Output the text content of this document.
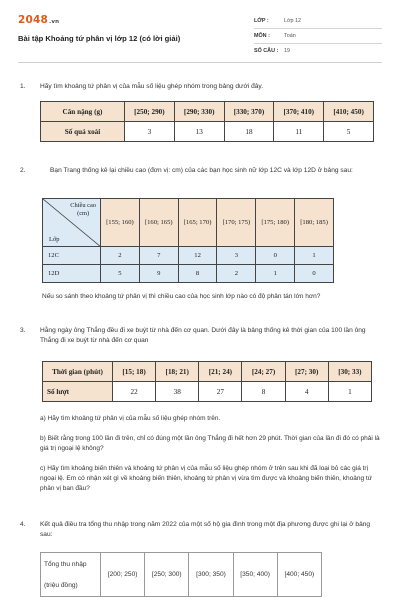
2048.vn
Bài tập Khoảng tứ phân vị lớp 12 (có lời giải)
LỚP :	Lớp 12
MÔN :	Toán
SỐ CÂU : 19
1. Hãy tìm khoảng tứ phân vị của mẫu số liệu ghép nhóm trong bảng dưới đây.
Cân nặng (g)	[250; 290)	[290; 330)	[330; 370)	[370; 410)	[410; 450)
Số quả xoài	3	13	18	11	5
2.	Bạn Trang thống kê lại chiều cao (đơn vị: cm) của các bạn học sinh nữ lớp 12C và lớp 12D ở bảng sau:
Chiều cao
(cm)
Lớp	[155; 160)	[160; 165)	[165; 170)	[170; 175)	[175; 180)	[180; 185)
12C	2	7	12	3	0	1
12D	5	9	8	2	1	0
Nếu so sánh theo khoảng tứ phân vị thì chiều cao của học sinh lớp nào có độ phân tán lớn hơn?
3. Hằng ngày ông Thắng đều đi xe buýt từ nhà đến cơ quan. Dưới đây là bảng thống kê thời gian của 100 lần ông Thắng đi xe buýt từ nhà đến cơ quan
Thời gian (phút)	[15; 18)	[18; 21)	[21; 24)	[24; 27)	[27; 30)	[30; 33)
Số lượt	22	38	27	8	4	1
a) Hãy tìm khoảng tứ phân vị của mẫu số liệu ghép nhóm trên.
b) Biết rằng trong 100 lần đi trên, chỉ có đúng một lần ông Thắng đi hết hơn 29 phút. Thời gian của lần đi đó có phải là giá trị ngoại lệ không?
c) Hãy tìm khoảng biến thiên và khoảng tứ phân vị của mẫu số liệu ghép nhóm ở trên sau khi đã loại bỏ các giá trị ngoại lệ. Em có nhận xét gì về khoảng biến thiên, khoảng tứ phân vị vừa tìm được và khoảng biến thiên, khoảng tứ phân vị ban đầu?
4. Kết quả điều tra tổng thu nhập trong năm 2022 của một số hộ gia đình trong một địa phương được ghi lại ở bảng sau:
Tổng thu nhập
(triệu đồng)
	[200; 250)	[250; 300)	[300; 350)	[350; 400)	[400; 450)
